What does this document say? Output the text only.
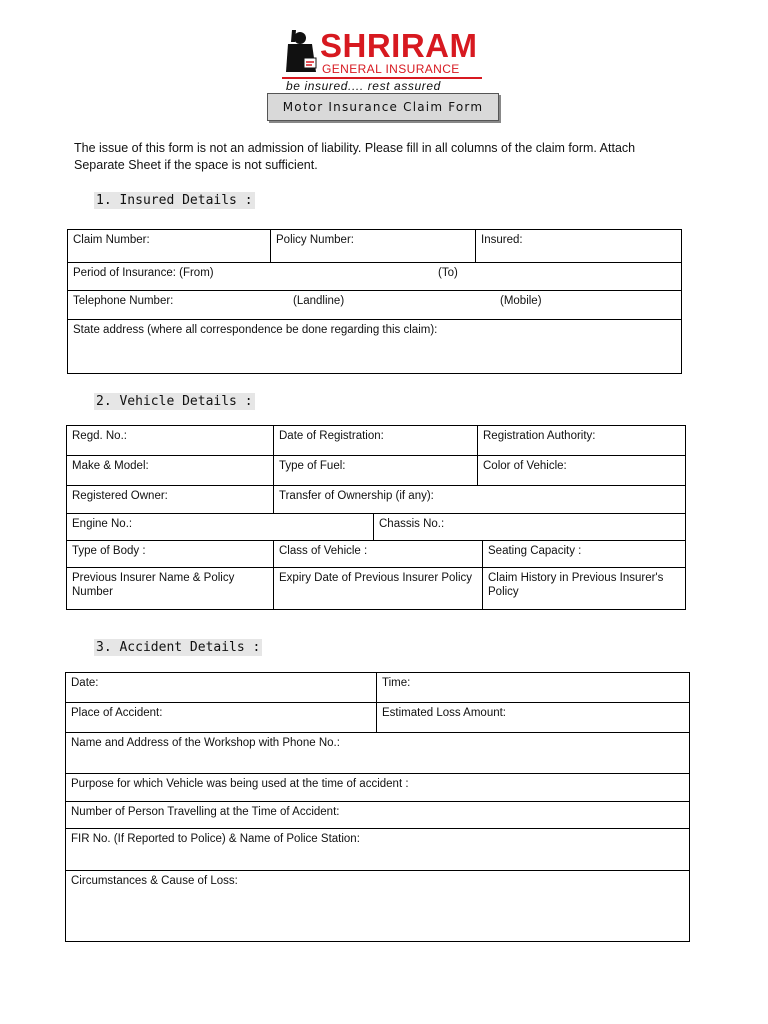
SHRIRAM
GENERAL INSURANCE
be insured.... rest assured
Motor Insurance Claim Form
The issue of this form is not an admission of liability. Please fill in all columns of the claim form. Attach Separate Sheet if the space is not sufficient.
1. Insured Details :
Claim Number:	Policy Number:	Insured:
Period of Insurance: (From)	(To)

Telephone Number:	(Landline)	(Mobile)

State address (where all correspondence be done regarding this claim):
2. Vehicle Details :
Regd. No.:	Date of Registration:		Registration Authority:	
Make & Model:	Type of Fuel:		Color of Vehicle:	
Registered Owner:	Transfer of Ownership (if any):			
Engine No.:		Chassis No.:		
Type of Body :	Class of Vehicle :			Seating Capacity :
Previous Insurer Name & Policy Number	Expiry Date of Previous Insurer Policy			Claim History in Previous Insurer's Policy
3. Accident Details :
Date:	Time:
Place of Accident:	Estimated Loss Amount:
Name and Address of the Workshop with Phone No.:	
Purpose for which Vehicle was being used at the time of accident :	
Number of Person Travelling at the Time of Accident:	
FIR No. (If Reported to Police) & Name of Police Station:	
Circumstances & Cause of Loss:	
